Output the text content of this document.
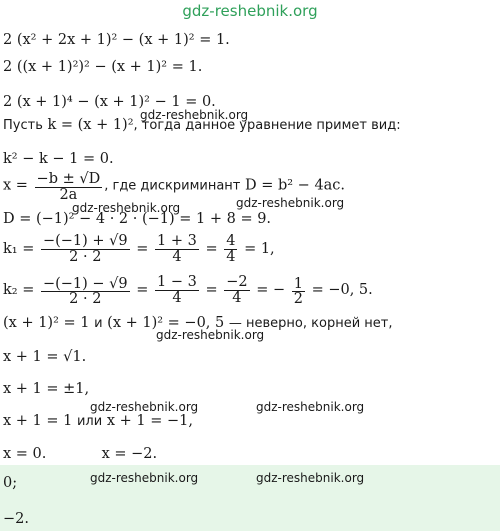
gdz-reshebnik.org
2 (x² + 2x + 1)² − (x + 1)² = 1.
2 ((x + 1)²)² − (x + 1)² = 1.
2 (x + 1)⁴ − (x + 1)² − 1 = 0.
Пусть k = (x + 1)², тогда данное уравнение примет вид:
gdz-reshebnik.org
k² − k − 1 = 0.
$x = \frac{-b \pm √D}{2a}$ , где дискриминант D = b² − 4ac.
gdz-reshebnik.org	gdz-reshebnik.org
D = (−1)² − 4 · 2 · (−1) = 1 + 8 = 9.
$k_1 = \frac{-(-1) + √9}{2 \cdot 2} = \frac{1 + 3}{4} = \frac{4}{4} = 1$,
$k_2 = \frac{-(-1) - √9}{2 \cdot 2} = \frac{1 - 3}{4} = \frac{-2}{4}$ = − $\frac{1}{2} = -0$, 5.
(x + 1)² = 1 и (x + 1)² = −0, 5 — неверно, корней нет,
gdz-reshebnik.org
x + 1 = √1.
x + 1 = ±1,
gdz-reshebnik.org	gdz-reshebnik.org
x + 1 = 1 или x + 1 = −1,
x = 0.	x = −2.
0;
−2.
gdz-reshebnik.org	gdz-reshebnik.org
